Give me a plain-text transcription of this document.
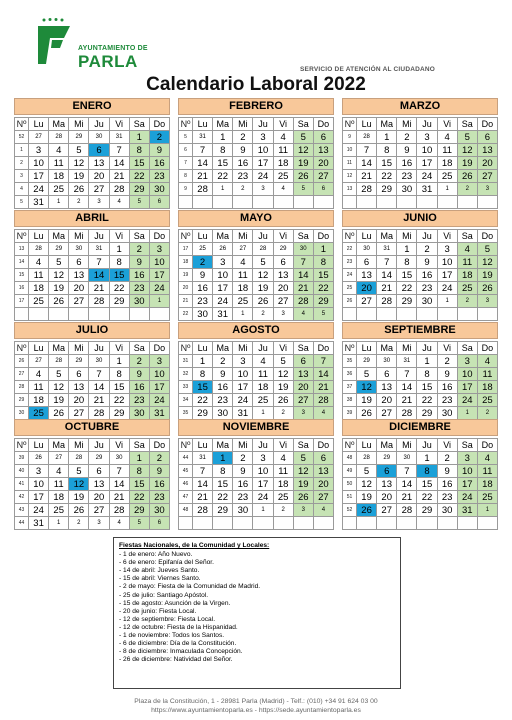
AYUNTAMIENTO DE
PARLA	SERVICIO DE ATENCIÓN AL CIUDADANO
Calendario Laboral 2022
ENERO
Nº	Lu	Ma	Mi	Ju	Vi	Sa	Do
52	27	28	29	30	31	1	2
1	3	4	5	6	7	8	9
2	10	11	12	13	14	15	16
3	17	18	19	20	21	22	23
4	24	25	26	27	28	29	30
5	31	1	2	3	4	5	6
FEBRERO
Nº	Lu	Ma	Mi	Ju	Vi	Sa	Do
5	31	1	2	3	4	5	6
6	7	8	9	10	11	12	13
7	14	15	16	17	18	19	20
8	21	22	23	24	25	26	27
9	28	1	2	3	4	5	6

MARZO
Nº	Lu	Ma	Mi	Ju	Vi	Sa	Do
9	28	1	2	3	4	5	6
10	7	8	9	10	11	12	13
11	14	15	16	17	18	19	20
12	21	22	23	24	25	26	27
13	28	29	30	31	1	2	3

ABRIL
Nº	Lu	Ma	Mi	Ju	Vi	Sa	Do
13	28	29	30	31	1	2	3
14	4	5	6	7	8	9	10
15	11	12	13	14	15	16	17
16	18	19	20	21	22	23	24
17	25	26	27	28	29	30	1

MAYO
Nº	Lu	Ma	Mi	Ju	Vi	Sa	Do
17	25	26	27	28	29	30	1
18	2	3	4	5	6	7	8
19	9	10	11	12	13	14	15
20	16	17	18	19	20	21	22
21	23	24	25	26	27	28	29
22	30	31	1	2	3	4	5
JUNIO
Nº	Lu	Ma	Mi	Ju	Vi	Sa	Do
22	30	31	1	2	3	4	5
23	6	7	8	9	10	11	12
24	13	14	15	16	17	18	19
25	20	21	22	23	24	25	26
26	27	28	29	30	1	2	3

JULIO
Nº	Lu	Ma	Mi	Ju	Vi	Sa	Do
26	27	28	29	30	1	2	3
27	4	5	6	7	8	9	10
28	11	12	13	14	15	16	17
29	18	19	20	21	22	23	24
30	25	26	27	28	29	30	31

AGOSTO
Nº	Lu	Ma	Mi	Ju	Vi	Sa	Do
31	1	2	3	4	5	6	7
32	8	9	10	11	12	13	14
33	15	16	17	18	19	20	21
34	22	23	24	25	26	27	28
35	29	30	31	1	2	3	4

SEPTIEMBRE
Nº	Lu	Ma	Mi	Ju	Vi	Sa	Do
35	29	30	31	1	2	3	4
36	5	6	7	8	9	10	11
37	12	13	14	15	16	17	18
38	19	20	21	22	23	24	25
39	26	27	28	29	30	1	2

OCTUBRE
Nº	Lu	Ma	Mi	Ju	Vi	Sa	Do
39	26	27	28	29	30	1	2
40	3	4	5	6	7	8	9
41	10	11	12	13	14	15	16
42	17	18	19	20	21	22	23
43	24	25	26	27	28	29	30
44	31	1	2	3	4	5	6
NOVIEMBRE
Nº	Lu	Ma	Mi	Ju	Vi	Sa	Do
44	31	1	2	3	4	5	6
45	7	8	9	10	11	12	13
46	14	15	16	17	18	19	20
47	21	22	23	24	25	26	27
48	28	29	30	1	2	3	4

DICIEMBRE
Nº	Lu	Ma	Mi	Ju	Vi	Sa	Do
48	28	29	30	1	2	3	4
49	5	6	7	8	9	10	11
50	12	13	14	15	16	17	18
51	19	20	21	22	23	24	25
52	26	27	28	29	30	31	1

Fiestas Nacionales, de la Comunidad y Locales:
- 1 de enero: Año Nuevo.
- 6 de enero: Epifanía del Señor.
- 14 de abril: Jueves Santo.
- 15 de abril: Viernes Santo.
- 2 de mayo: Fiesta de la Comunidad de Madrid.
- 25 de julio: Santiago Apóstol.
- 15 de agosto: Asunción de la Virgen.
- 20 de junio: Fiesta Local.
- 12 de septiembre: Fiesta Local.
- 12 de octubre: Fiesta de la Hispanidad.
- 1 de noviembre: Todos los Santos.
- 6 de diciembre: Día de la Constitución.
- 8 de diciembre: Inmaculada Concepción.
- 26 de diciembre: Natividad del Señor.
Plaza de la Constitución, 1 - 28981 Parla (Madrid) - Telf.: (010) +34 91 624 03 00
https://www.ayuntamientoparla.es - https://sede.ayuntamientoparla.es
